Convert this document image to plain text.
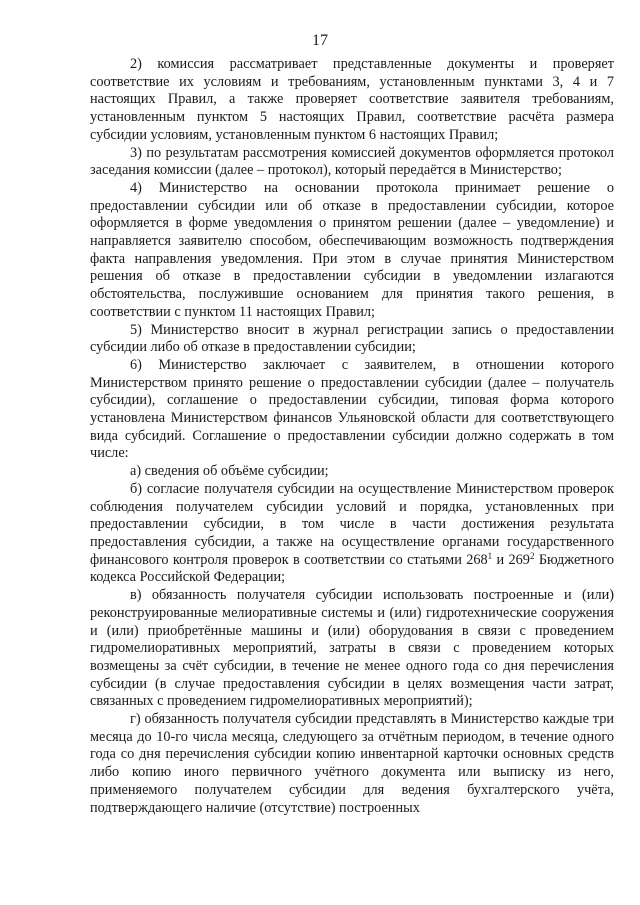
17

2) комиссия рассматривает представленные документы и проверяет соответствие их условиям и требованиям, установленным пунктами 3, 4 и 7 настоящих Правил, а также проверяет соответствие заявителя требованиям, установленным пунктом 5 настоящих Правил, соответствие расчёта размера субсидии условиям, установленным пунктом 6 настоящих Правил;

3) по результатам рассмотрения комиссией документов оформляется протокол заседания комиссии (далее – протокол), который передаётся в Министерство;

4) Министерство на основании протокола принимает решение о предоставлении субсидии или об отказе в предоставлении субсидии, которое оформляется в форме уведомления о принятом решении (далее – уведомление) и направляется заявителю способом, обеспечивающим возможность подтверждения факта направления уведомления. При этом в случае принятия Министерством решения об отказе в предоставлении субсидии в уведомлении излагаются обстоятельства, послужившие основанием для принятия такого решения, в соответствии с пунктом 11 настоящих Правил;

5) Министерство вносит в журнал регистрации запись о предоставлении субсидии либо об отказе в предоставлении субсидии;

6) Министерство заключает с заявителем, в отношении которого Министерством принято решение о предоставлении субсидии (далее – получатель субсидии), соглашение о предоставлении субсидии, типовая форма которого установлена Министерством финансов Ульяновской области для соответствующего вида субсидий. Соглашение о предоставлении субсидии должно содержать в том числе:

а) сведения об объёме субсидии;

б) согласие получателя субсидии на осуществление Министерством проверок соблюдения получателем субсидии условий и порядка, установленных при предоставлении субсидии, в том числе в части достижения результата предоставления субсидии, а также на осуществление органами государственного финансового контроля проверок в соответствии со статьями $268^1$ и $269^2$ Бюджетного кодекса Российской Федерации;

в) обязанность получателя субсидии использовать построенные и (или) реконструированные мелиоративные системы и (или) гидротехнические сооружения и (или) приобретённые машины и (или) оборудования в связи с проведением гидромелиоративных мероприятий, затраты в связи с проведением которых возмещены за счёт субсидии, в течение не менее одного года со дня перечисления субсидии (в случае предоставления субсидии в целях возмещения части затрат, связанных с проведением гидромелиоративных мероприятий);

г) обязанность получателя субсидии представлять в Министерство каждые три месяца до 10-го числа месяца, следующего за отчётным периодом, в течение одного года со дня перечисления субсидии копию инвентарной карточки основных средств либо копию иного первичного учётного документа или выписку из него, применяемого получателем субсидии для ведения бухгалтерского учёта, подтверждающего наличие (отсутствие) построенных
